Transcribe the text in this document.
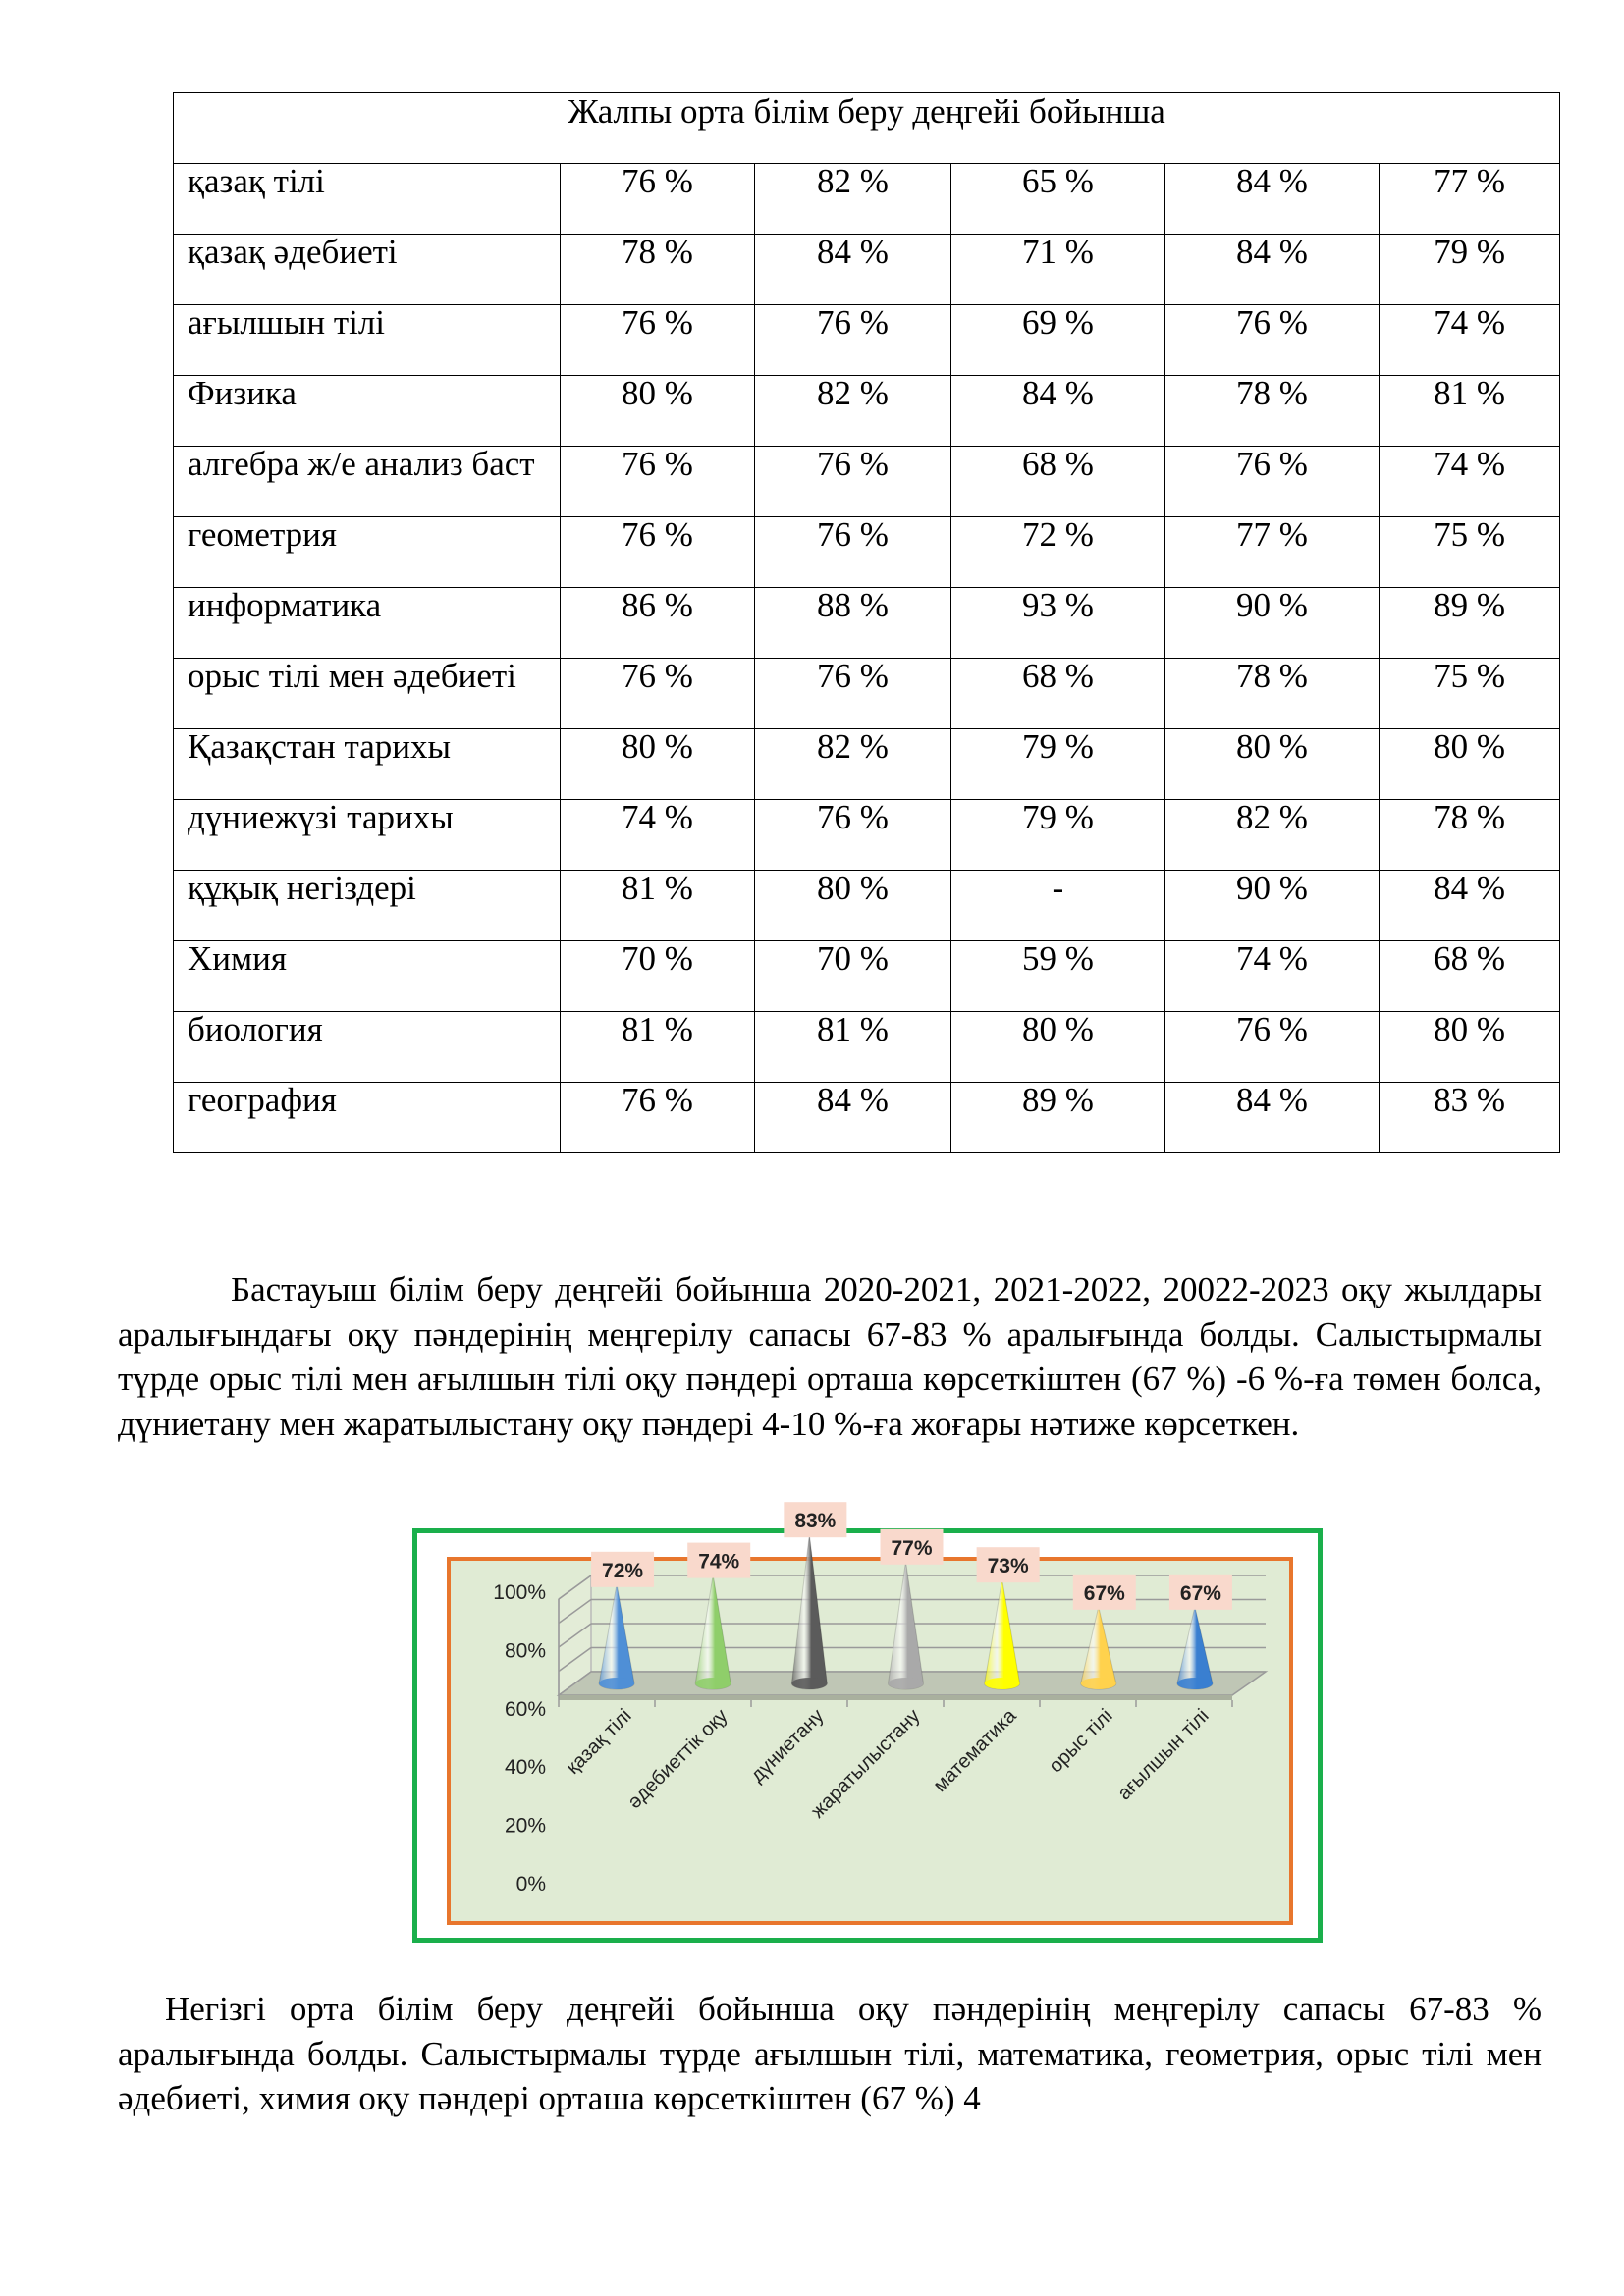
Жалпы орта білім беру деңгейі бойынша					

қазақ тілі	76 %	82 %	65 %	84 %	77 %

қазақ әдебиеті	78 %	84 %	71 %	84 %	79 %

ағылшын тілі	76 %	76 %	69 %	76 %	74 %

Физика	80 %	82 %	84 %	78 %	81 %

алгебра ж/е анализ баст	76 %	76 %	68 %	76 %	74 %

геометрия	76 %	76 %	72 %	77 %	75 %

информатика	86 %	88 %	93 %	90 %	89 %

орыс тілі мен әдебиеті	76 %	76 %	68 %	78 %	75 %

Қазақстан тарихы	80 %	82 %	79 %	80 %	80 %

дүниежүзі тарихы	74 %	76 %	79 %	82 %	78 %

құқық негіздері	81 %	80 %	-	90 %	84 %

Химия	70 %	70 %	59 %	74 %	68 %

биология	81 %	81 %	80 %	76 %	80 %

география	76 %	84 %	89 %	84 %	83 %

Бастауыш білім беру деңгейі бойынша 2020-2021, 2021-2022, 20022-2023 оқу жылдары аралығындағы оқу пәндерінің меңгерілу сапасы 67-83 % аралығында болды. Салыстырмалы түрде орыс тілі мен ағылшын тілі оқу пәндері орташа көрсеткіштен (67 %) -6 %-ға төмен болса, дүниетану мен жаратылыстану оқу пәндері 4-10 %-ға жоғары нәтиже көрсеткен.

0%
20%
40%
60%
80%
100%
72%	74%
83%
77%
73%
67%	67%
қазақ тілі
әдебиеттік оқу дүниетану
жаратылыстану математика орыс тілі
ағылшын тілі

Негізгі орта білім беру деңгейі бойынша оқу пәндерінің меңгерілу сапасы 67-83 % аралығында болды. Салыстырмалы түрде ағылшын тілі, математика, геометрия, орыс тілі мен әдебиеті, химия оқу пәндері орташа көрсеткіштен (67 %) 4
